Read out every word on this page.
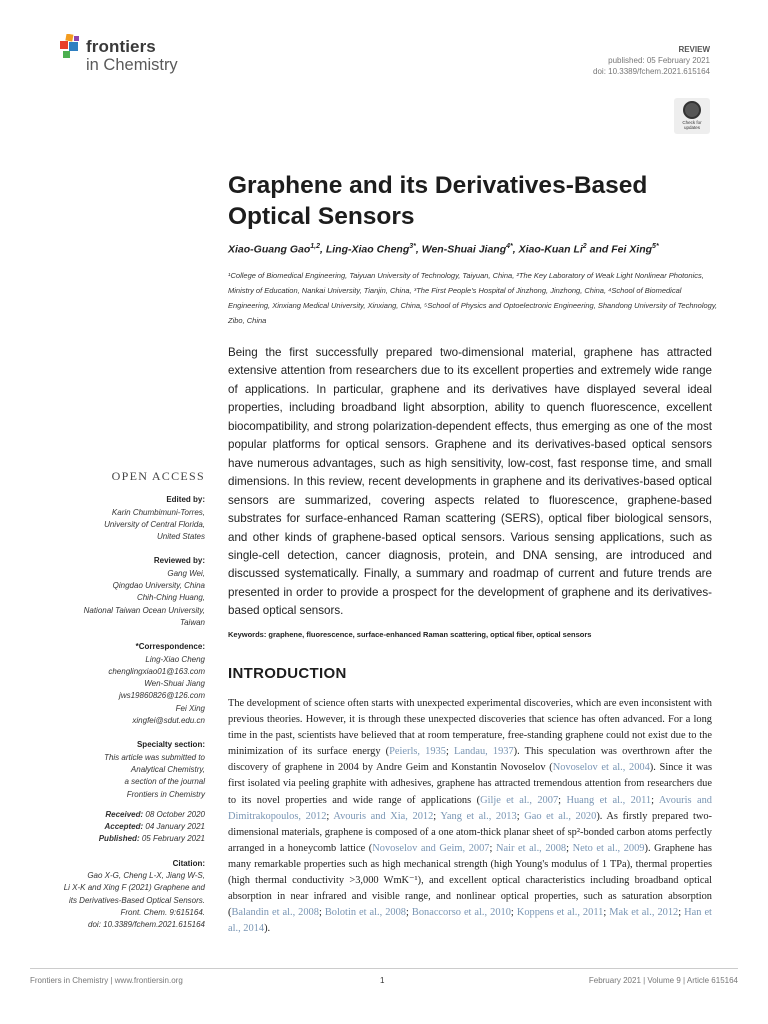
frontiers
in Chemistry
REVIEW
published: 05 February 2021
doi: 10.3389/fchem.2021.615164
Check for updates
Graphene and its Derivatives-Based Optical Sensors
Xiao-Guang Gao$^{1,2}$, Ling-Xiao Cheng$^{3*}$, Wen-Shuai Jiang$^{4*}$, Xiao-Kuan Li$^2$ and Fei Xing$^{5*}$
¹College of Biomedical Engineering, Taiyuan University of Technology, Taiyuan, China, ²The Key Laboratory of Weak Light Nonlinear Photonics, Ministry of Education, Nankai University, Tianjin, China, ³The First People's Hospital of Jinzhong, Jinzhong, China, ⁴School of Biomedical Engineering, Xinxiang Medical University, Xinxiang, China, ⁵School of Physics and Optoelectronic Engineering, Shandong University of Technology, Zibo, China
Being the first successfully prepared two-dimensional material, graphene has attracted extensive attention from researchers due to its excellent properties and extremely wide range of applications. In particular, graphene and its derivatives have displayed several ideal properties, including broadband light absorption, ability to quench fluorescence, excellent biocompatibility, and strong polarization-dependent effects, thus emerging as one of the most popular platforms for optical sensors. Graphene and its derivatives-based optical sensors have numerous advantages, such as high sensitivity, low-cost, fast response time, and small dimensions. In this review, recent developments in graphene and its derivatives-based optical sensors are summarized, covering aspects related to fluorescence, graphene-based substrates for surface-enhanced Raman scattering (SERS), optical fiber biological sensors, and other kinds of graphene-based optical sensors. Various sensing applications, such as single-cell detection, cancer diagnosis, protein, and DNA sensing, are introduced and discussed systematically. Finally, a summary and roadmap of current and future trends are presented in order to provide a prospect for the development of graphene and its derivatives-based optical sensors.
Keywords: graphene, fluorescence, surface-enhanced Raman scattering, optical fiber, optical sensors
INTRODUCTION
The development of science often starts with unexpected experimental discoveries, which are even inconsistent with previous theories. However, it is through these unexpected discoveries that science has often advanced. For a long time in the past, scientists have believed that at room temperature, free-standing graphene could not exist due to the minimization of its surface energy (Peierls, 1935; Landau, 1937). This speculation was overthrown after the discovery of graphene in 2004 by Andre Geim and Konstantin Novoselov (Novoselov et al., 2004). Since it was first isolated via peeling graphite with adhesives, graphene has attracted tremendous attention from researchers due to its novel properties and wide range of applications (Gilje et al., 2007; Huang et al., 2011; Avouris and Dimitrakopoulos, 2012; Avouris and Xia, 2012; Yang et al., 2013; Gao et al., 2020). As firstly prepared two-dimensional materials, graphene is composed of a one atom-thick planar sheet of sp²-bonded carbon atoms perfectly arranged in a honeycomb lattice (Novoselov and Geim, 2007; Nair et al., 2008; Neto et al., 2009). Graphene has many remarkable properties such as high mechanical strength (high Young's modulus of 1 TPa), thermal properties (high thermal conductivity >3,000 WmK⁻¹), and excellent optical characteristics including broadband optical absorption in near infrared and visible range, and nonlinear optical properties, such as saturation absorption (Balandin et al., 2008; Bolotin et al., 2008; Bonaccorso et al., 2010; Koppens et al., 2011; Mak et al., 2012; Han et al., 2014).
OPEN ACCESS
Edited by:
Karin Chumbimuni-Torres,
University of Central Florida,
United States
Reviewed by:
Gang Wei,
Qingdao University, China
Chih-Ching Huang,
National Taiwan Ocean University,
Taiwan
*Correspondence:
Ling-Xiao Cheng
chenglingxiao01@163.com
Wen-Shuai Jiang
jws19860826@126.com
Fei Xing
xingfei@sdut.edu.cn
Specialty section:
This article was submitted to
Analytical Chemistry,
a section of the journal
Frontiers in Chemistry
Received: 08 October 2020
Accepted: 04 January 2021
Published: 05 February 2021
Citation:
Gao X-G, Cheng L-X, Jiang W-S,
Li X-K and Xing F (2021) Graphene and
its Derivatives-Based Optical Sensors.
Front. Chem. 9:615164.
doi: 10.3389/fchem.2021.615164
Frontiers in Chemistry | www.frontiersin.org	1	February 2021 | Volume 9 | Article 615164
